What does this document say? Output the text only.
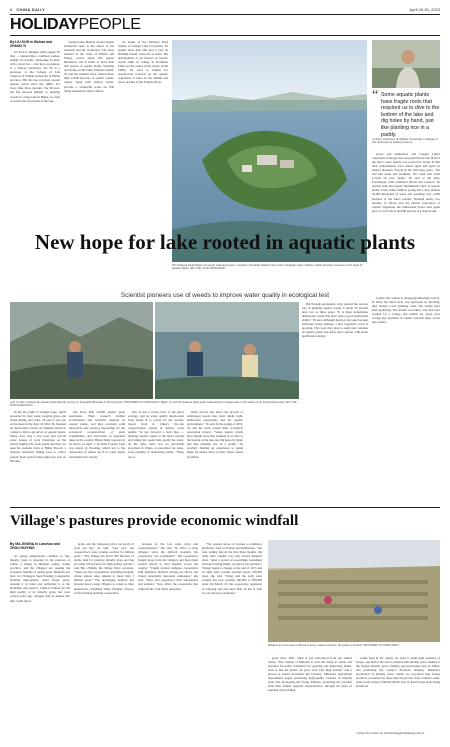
8 CHINA DAILY	April 29-30, 2023
HOLIDAYPEOPLE
By LIU KUN in Wuhan and ZHANG YI

It's hard to imagine when seeing Yu Dan — dressed like a common worker, usually in overalls, ankle-deep in mud, with a straw hat — that he is a professor at a famous university. Yet Yu is a professor at the College of Life Sciences of Wuhan University in Hubei province. His life has revolved around aquatic weeds since the 1980s. For more than three decades, the 60-year-old has devoted himself to planting weeds in a large lake in Hubei, in order to restore the ecosystem of the lake.

Liangzi Lake, Hubei's second-largest freshwater lake, is the object of his attention and his workplace. The lake, situated in the cities of Wuhan and Ezhou, covers about 304 square kilometers and is home to more than 200 species of aquatic plants. Working and living on the lake's Niushan Island, Yu and his students have planted more than 12,000 hectares of aquatic weeds, which, along with natural weeds, provide a wonderful scene for fish living beneath the lake's surface.

As leader of the National Field Station of Liangzi Lake Ecosystem, Yu spends more than 200 days a year on Niushan Island, where he is based. His development of an interest in aquatic weeds while in college in Northeast China set the course of his career. In the 1980s, Yu went to Wuhan for postdoctoral research on the aquatic vegetation of lakes in the middle and lower reaches of the Yangtze River.

The National Field Station of Liangzi Lake Ecosystem, located on Niushan Island in the center of Liangzi Lake in Ezhou, Hubei province, focuses on the study of aquatic plants. WU YUE / FOR CHINA DAILY
“ Some aquatic plants have fragile roots that required us to dive to the bottom of the lake and dig holes by hand, just like planting rice in a paddy.
Yu Dan, professor at Wuhan University's College of Life Sciences in Hubei province

grows and multiplied, and Liangzi Lake's vegetation coverage ratio exceeded 80 percent. Half of the lake's water quality was restored to Grade II. But their achievements were ruined again and again by natural disasters. Floods in the following years. "We still had seeds and seedlings. We could start from scratch all over again," Yu said at the time. Fortunately, with continued efforts and research, Yu and his team discovered 'fundamental rules' of aquatic plants. From winter 2006 to spring 2011, they planted 20,000 kilograms of seeds and seedlings over 2,000 hectares of the lake's bottom. Through nearly two decades of efforts and the natural restoration of aquatic vegetation, the 'underwater forest' once again grew to cover more than 80 percent of Liangzi Lake.

New hope for lake rooted in aquatic plants
Scientist pioneers use of weeds to improve water quality in ecological test
Left: Yu Dan conducts an aquatic plant diversity survey on Changhai Mountain in Xizo province. PROVIDED TO CHINA DAILY. Right: Yu and his students plant grass collected from Liangzi Lake in the waters of an experimental pool. WU YUE / FOR CHINA DAILY

In the first eight of Liangzi Lake, which presented its clear water, swaying grass, and living shrimp and crabs, Yu said it was one of the lakes in the field. In 1991, Yu founded an observation station on Niushan Island to conduct a follow-up survey of aquatic plants. There were only a few trees and several stone houses of local fishermen on the island, making life work lonely and hard. To seek his students from at Hubei Eucom, a national renowned fishing boat to collect aquatic plant seeds in three lakes per year on the lake.

and more than 20,000 aquatic plant specimens. Their research yielded accumulated and scientific analysis on aquatic plants, and they provided solid theoretical and practical knowledge for the ecological reconstruction of plant communities and restoration of degraded lakes in the country. Hubei Daily reported in an article on April 5. In 2016, Liangzi Lake was struck by flooding, which led to the destruction of almost all of its water plants and underwater forests.

fish. It was a severe blow to the lake's ecology, and its water quality deteriorated from Grade II to Grade IV, the second-lowest level in China's five-tier categorization system of surface water quality. Yu put forward a bold idea — planting aquatic weeds at the lake's bottom and letting the weeds help purify the water. At the time, there was no successful precedent in China, or elsewhere for large-scale planting of underwater plants. "There are so

many factors that affect the growth of submerged weeds, like water depth, light, underwater topography and the aquatic environment," Yu said. In the spring of 2019, Yu and his team started their ecological restoration project. "Some aquatic plants have fragile roots that required us to dive to the bottom of the lake and dig holes by hand, just like planting rice in a paddy," Yu recalled. Sharing an experience to guide them, he added, most of their efforts ended in failure.

But through persistence, they learned the success rate of planting aquatic weeds to about 50 percent after two or three years. "It is these tremendous underwater weeds that have such a good purification ability," Yu said. Although much of the lake has seen relatively severe damage, a new vegetative cover is growing. This year, they plan to study new varieties of aquatic plants and select more species with better purification ability.

Contact the writers at zhangyi@chinadaily.com.cn. In 2016, the lake's floor was destroyed by flooding; they started a new planting work. The results have been gratifying. Yu's former coworkers, who had once worked for a college and studied for years, now occupy key positions in aquatic research units across the country.

Village's pastures provide economic windfall
By MA JINGNA in Lanzhou and ZHOU HUIYING

As spring temperatures continue to rise, thereby grass is growing in the pastures of Linhu, a village in Minxian county, Gansu province, and the villagers are reaping the economic benefits of selling grass. Medicine are busy in a Nonggers Seed Planting Cooperative planting high-quality, dried forage grass, packing it in bales and delivering it to the herdsmen who need it. Linhu is famous for the high quality of its timothy grass, but even several years ago, villagers had no market that they could sell to.

grain, and the wholesale price can reach 10 yuan per kg," he said. "Last year, our cooperative's sales volume reached 5.2 million yuan." "The village has about 300 hectares of arable land for growing timothy grass and has set aside 165 hectares for high quality growth," said Hao Zhimin, the village Party secretary. "There are five cooperatives, including Tongxin, whose annual sales amount to more than 1 million yuan." The developing industry has boosted more young villagers to return to their hometowns, including Wang Weijuan, director of the Jiaxiang planting cooperative.

because of the low sales price and overproduction," she said. "In 2014, to help villagers solve the difficult problem, the cooperative was established." The cooperative bought grass from the villagers and then made several efforts to find markets across the country. "Taking product samples, cooperative staff members attended various pet shows and visited potentially interested companies," she said. "They also negotiated with wholesalers and retailers." Now, 2021, the cooperative has achieved the 'cold chain' operation.

"We opened stores at various e-commerce platforms, such as Taobao and Pinduoduo," she said, adding that in the first three months, the daily sales volume was only several hundred yuan. "After a period of researching consumers and later buying habits, we placed our products" Village began to change at the end of 2015 and its daily sales volume reached nearly 100,000 yuan, she said. "Wang said the daily sales volume has now reached 100,000 to 300,000 yuan. On March 25, the cooperative registered in Guiyang and rent more than 10 mu of land for an overseas warehouse."

Workers at a company in Minxian county, Gansu province, dry grass in October. PROVIDED TO CHINA DAILY

grass since 1991, when it was introduced from the United States. "The climate of Minxian is cold and damp in winter and provides favorable conditions for growing and improving plants, such as that the plants can grow very well, high quality," said a person at Gansu Grassland and Forestry. Minxian's agricultural departments began promoting high-quality varieties of timothy grass and developing the forage industry, producing the varieties with their unique regional characteristics, through 60 years of standing and breeding.

arable land in the county are used to plant high varieties of forage, and half of the area is planted with timothy grass, making it the largest timothy grass planting and processing base in China, and promoting the county's livestock industry. Minxian's production of timothy grass, which are processed into forage products, accounted for more than 50 percent of the country's sales, with a total output of 60,000 metric tons of dried forage grass being produced.

Contact the writers at zhouhuiying@chinadaily.com.cn
